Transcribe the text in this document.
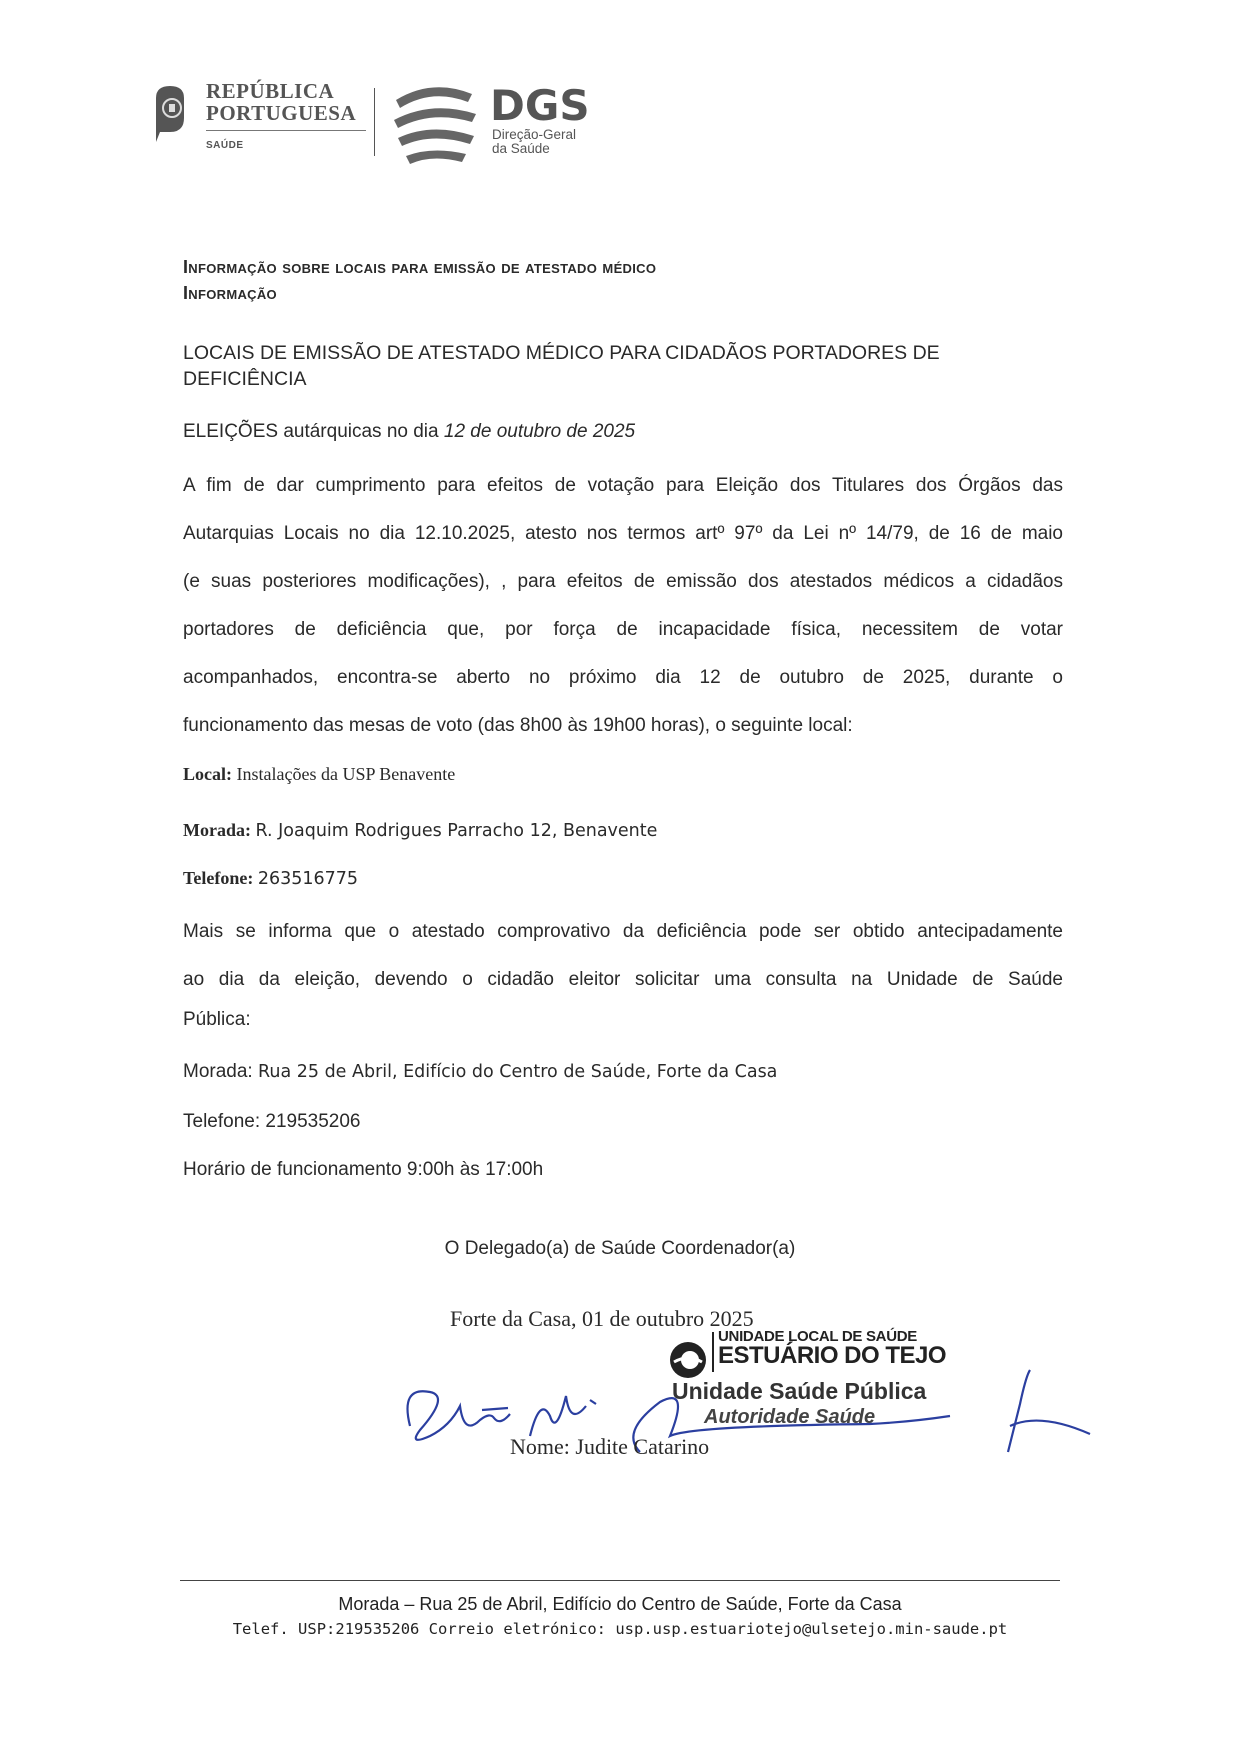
REPÚBLICA
PORTUGUESA
SAÚDE
DGS
Direção-Geral
da Saúde
Informação sobre locais para emissão de atestado médico
Informação
LOCAIS DE EMISSÃO DE ATESTADO MÉDICO PARA CIDADÃOS PORTADORES DE
DEFICIÊNCIA
ELEIÇÕES autárquicas no dia 12 de outubro de 2025
A fim de dar cumprimento para efeitos de votação para Eleição dos Titulares dos Órgãos das
Autarquias Locais no dia 12.10.2025, atesto nos termos artº 97º da Lei nº 14/79, de 16 de maio
(e suas posteriores modificações), , para efeitos de emissão dos atestados médicos a cidadãos
portadores de deficiência que, por força de incapacidade física, necessitem de votar
acompanhados, encontra-se aberto no próximo dia 12 de outubro de 2025, durante o
funcionamento das mesas de voto (das 8h00 às 19h00 horas), o seguinte local:
Local: Instalações da USP Benavente
Morada: R. Joaquim Rodrigues Parracho 12, Benavente
Telefone: 263516775
Mais se informa que o atestado comprovativo da deficiência pode ser obtido antecipadamente
ao dia da eleição, devendo o cidadão eleitor solicitar uma consulta na Unidade de Saúde
Pública:
Morada: Rua 25 de Abril, Edifício do Centro de Saúde, Forte da Casa
Telefone: 219535206
Horário de funcionamento 9:00h às 17:00h
O Delegado(a) de Saúde Coordenador(a)
Forte da Casa, 01 de outubro 2025
UNIDADE LOCAL DE SAÚDE
ESTUÁRIO DO TEJO
Unidade Saúde Pública
Autoridade Saúde
Nome: Judite Catarino
Morada – Rua 25 de Abril, Edifício do Centro de Saúde, Forte da Casa
Telef. USP:219535206 Correio eletrónico: usp.usp.estuariotejo@ulsetejo.min-saude.pt
